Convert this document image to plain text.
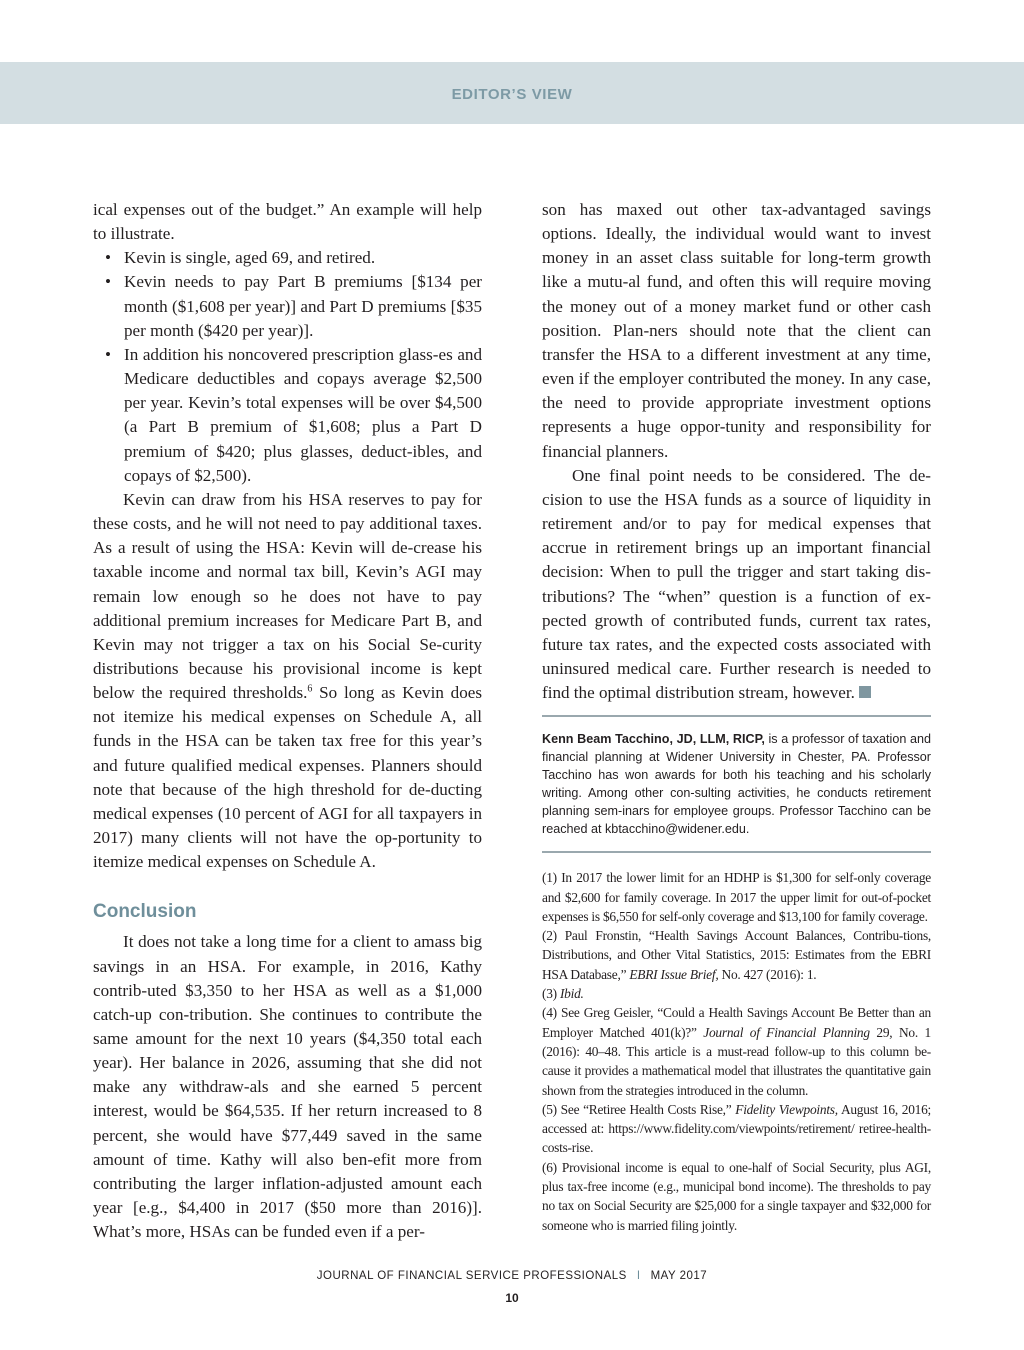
EDITOR’S VIEW

ical expenses out of the budget.” An example will help to illustrate.

• Kevin is single, aged 69, and retired.
• Kevin needs to pay Part B premiums [$134 per month ($1,608 per year)] and Part D premiums [$35 per month ($420 per year)].
• In addition his noncovered prescription glass-es and Medicare deductibles and copays average $2,500 per year. Kevin’s total expenses will be over $4,500 (a Part B premium of $1,608; plus a Part D premium of $420; plus glasses, deduct-ibles, and copays of $2,500).

Kevin can draw from his HSA reserves to pay for these costs, and he will not need to pay additional taxes. As a result of using the HSA: Kevin will de-crease his taxable income and normal tax bill, Kevin’s AGI may remain low enough so he does not have to pay additional premium increases for Medicare Part B, and Kevin may not trigger a tax on his Social Se-curity distributions because his provisional income is kept below the required thresholds.$^6$ So long as Kevin does not itemize his medical expenses on Schedule A, all funds in the HSA can be taken tax free for this year’s and future qualified medical expenses. Planners should note that because of the high threshold for de-ducting medical expenses (10 percent of AGI for all taxpayers in 2017) many clients will not have the op-portunity to itemize medical expenses on Schedule A.

Conclusion

It does not take a long time for a client to amass big savings in an HSA. For example, in 2016, Kathy contrib-uted $3,350 to her HSA as well as a $1,000 catch-up con-tribution. She continues to contribute the same amount for the next 10 years ($4,350 total each year). Her balance in 2026, assuming that she did not make any withdraw-als and she earned 5 percent interest, would be $64,535. If her return increased to 8 percent, she would have $77,449 saved in the same amount of time. Kathy will also ben-efit more from contributing the larger inflation-adjusted amount each year [e.g., $4,400 in 2017 ($50 more than 2016)]. What’s more, HSAs can be funded even if a per-

son has maxed out other tax-advantaged savings options. Ideally, the individual would want to invest money in an asset class suitable for long-term growth like a mutu-al fund, and often this will require moving the money out of a money market fund or other cash position. Plan-ners should note that the client can transfer the HSA to a different investment at any time, even if the employer contributed the money. In any case, the need to provide appropriate investment options represents a huge oppor-tunity and responsibility for financial planners.

One final point needs to be considered. The de-cision to use the HSA funds as a source of liquidity in retirement and/or to pay for medical expenses that accrue in retirement brings up an important financial decision: When to pull the trigger and start taking dis-tributions? The “when” question is a function of ex-pected growth of contributed funds, current tax rates, future tax rates, and the expected costs associated with uninsured medical care. Further research is needed to find the optimal distribution stream, however.

Kenn Beam Tacchino, JD, LLM, RICP, is a professor of taxation and financial planning at Widener University in Chester, PA. Professor Tacchino has won awards for both his teaching and his scholarly writing. Among other con-sulting activities, he conducts retirement planning sem-inars for employee groups. Professor Tacchino can be reached at kbtacchino@widener.edu.

(1) In 2017 the lower limit for an HDHP is $1,300 for self-only coverage and $2,600 for family coverage. In 2017 the upper limit for out-of-pocket expenses is $6,550 for self-only coverage and $13,100 for family coverage.

(2) Paul Fronstin, “Health Savings Account Balances, Contribu-tions, Distributions, and Other Vital Statistics, 2015: Estimates from the EBRI HSA Database,” EBRI Issue Brief, No. 427 (2016): 1.

(3) Ibid.

(4) See Greg Geisler, “Could a Health Savings Account Be Better than an Employer Matched 401(k)?” Journal of Financial Planning 29, No. 1 (2016): 40–48. This article is a must-read follow-up to this column be-cause it provides a mathematical model that illustrates the quantitative gain shown from the strategies introduced in the column.

(5) See “Retiree Health Costs Rise,” Fidelity Viewpoints, August 16, 2016; accessed at: https://www.fidelity.com/viewpoints/retirement/ retiree-health-costs-rise.

(6) Provisional income is equal to one-half of Social Security, plus AGI, plus tax-free income (e.g., municipal bond income). The thresholds to pay no tax on Social Security are $25,000 for a single taxpayer and $32,000 for someone who is married filing jointly.

JOURNAL OF FINANCIAL SERVICE PROFESSIONALS I MAY 2017
10
